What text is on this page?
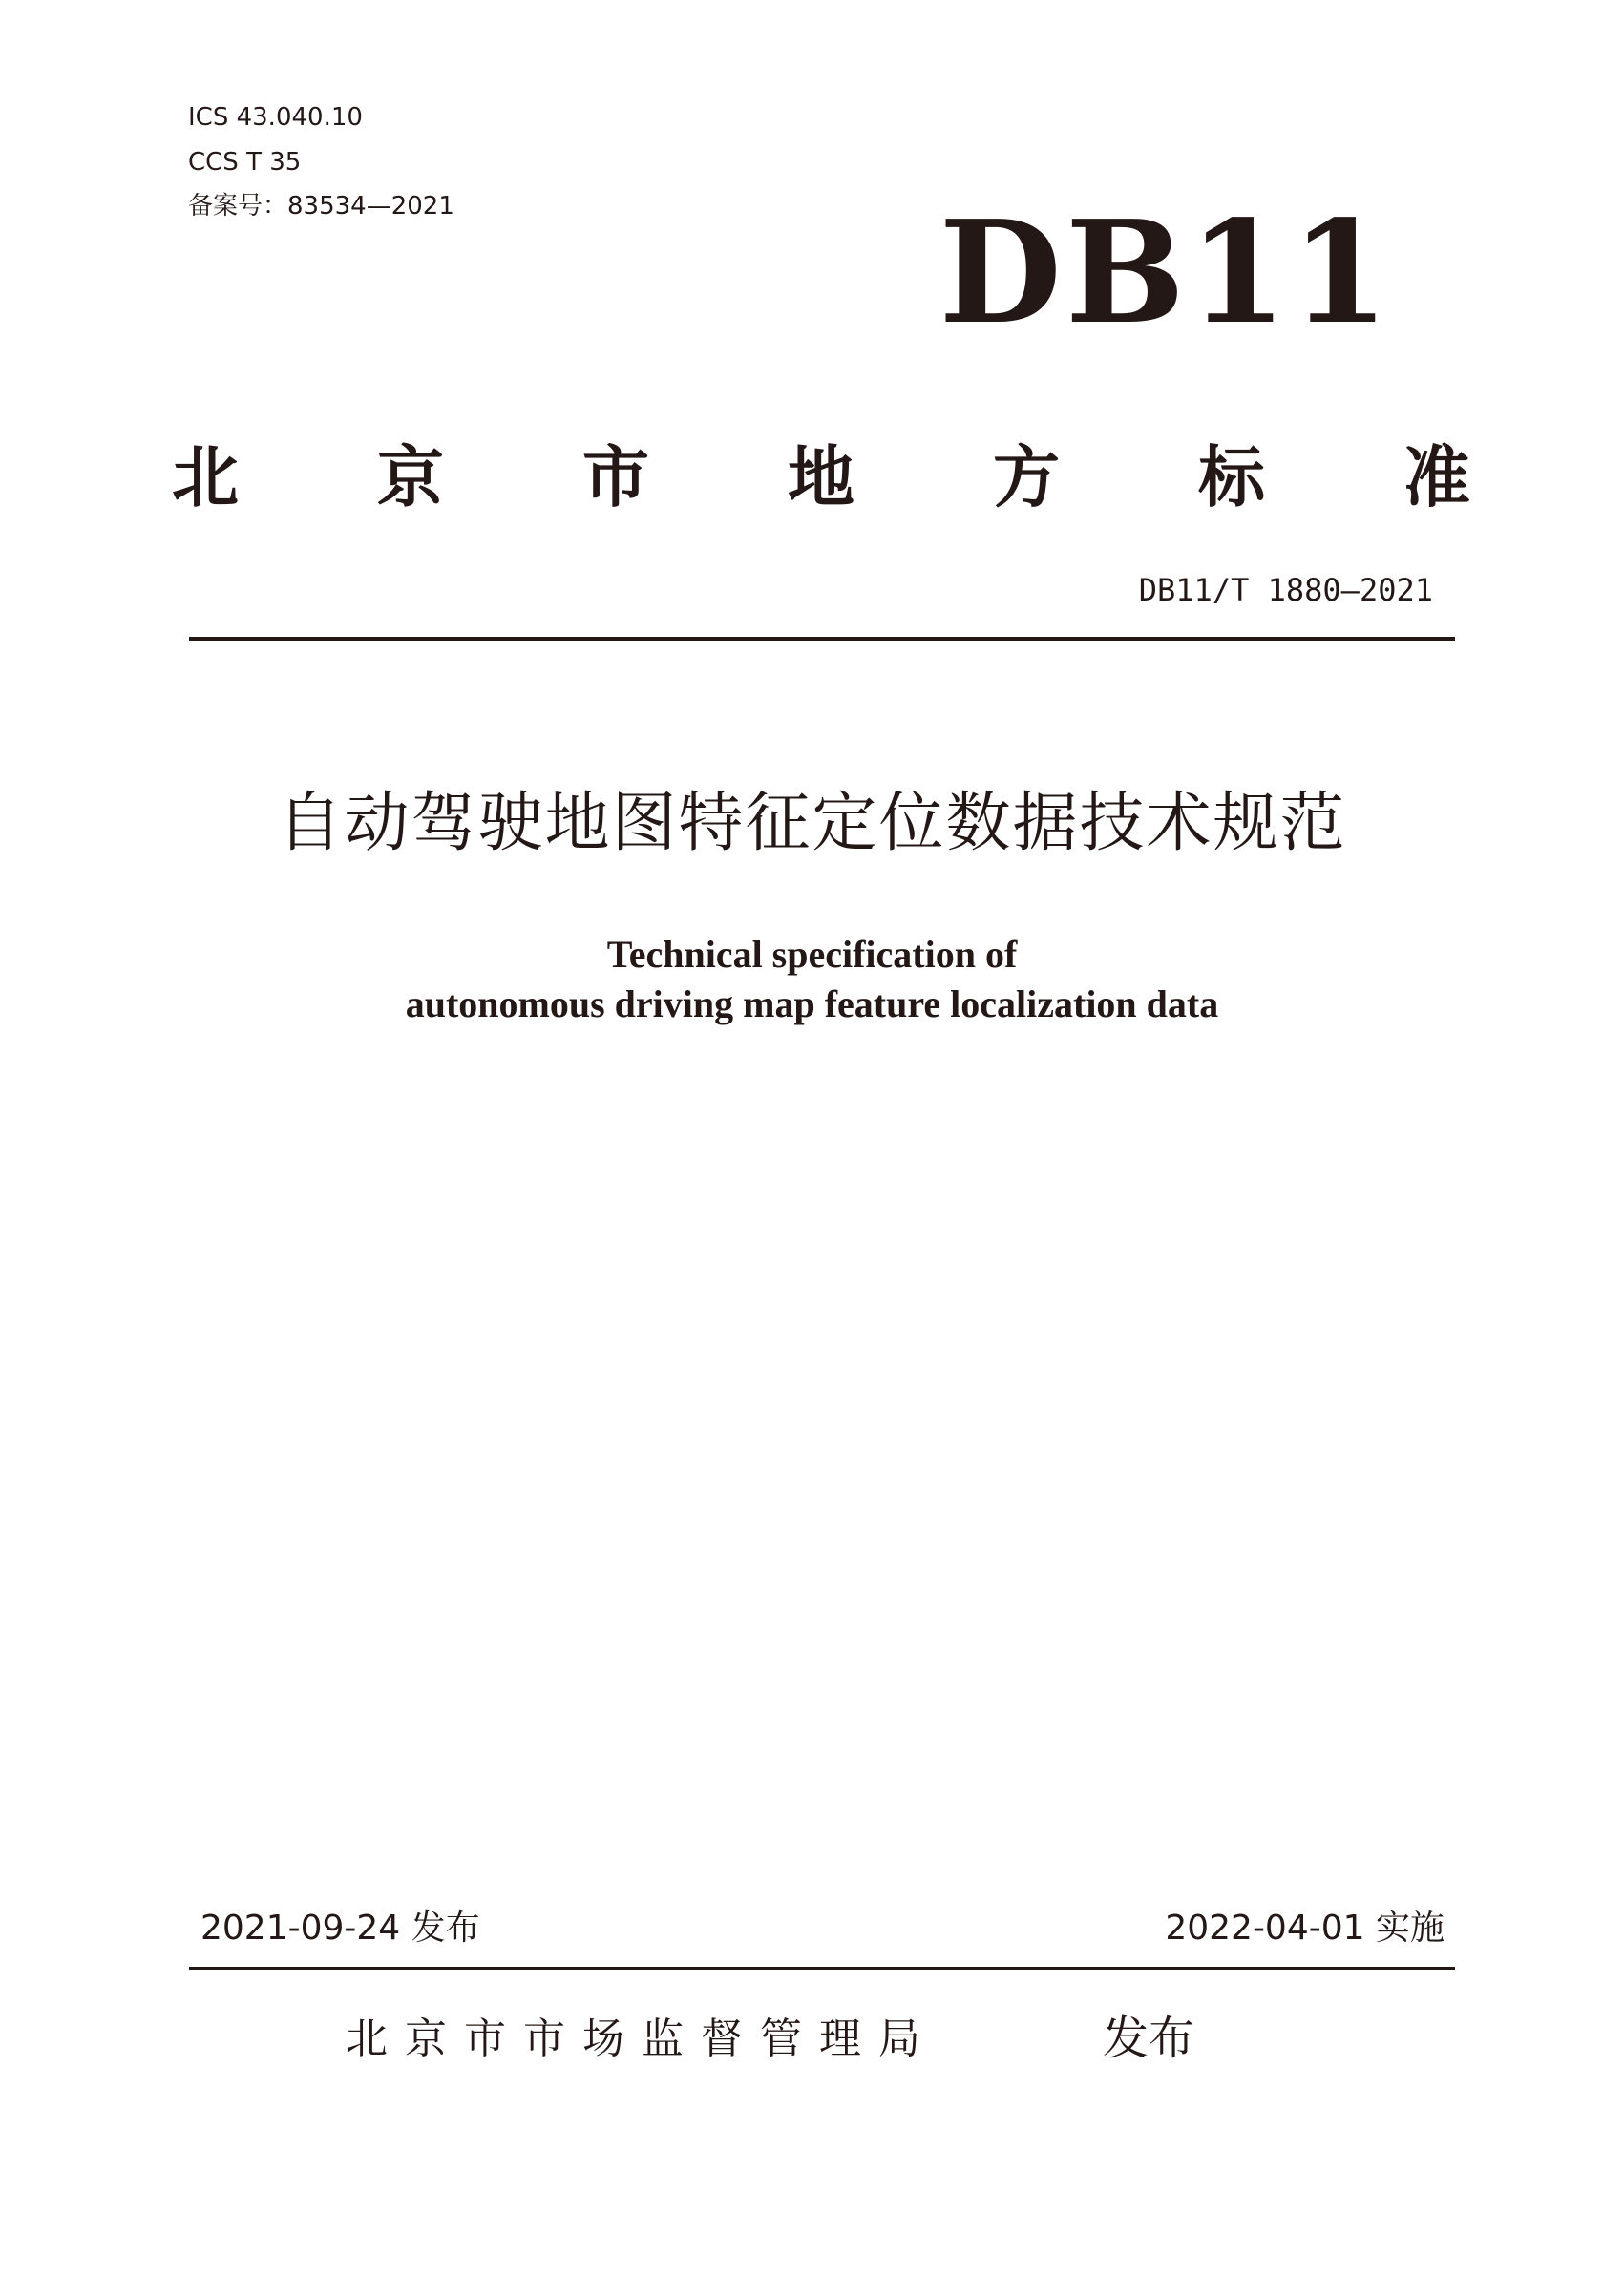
ICS 43.040.10
CCS T 35
备案号：83534—2021	DB11
北 京 市 地 方 标 准
DB11/T 1880—2021
自动驾驶地图特征定位数据技术规范
Technical specification of
autonomous driving map feature localization data
2021-09-24 发布	2022-04-01 实施
北京市市场监督管理局	发布
